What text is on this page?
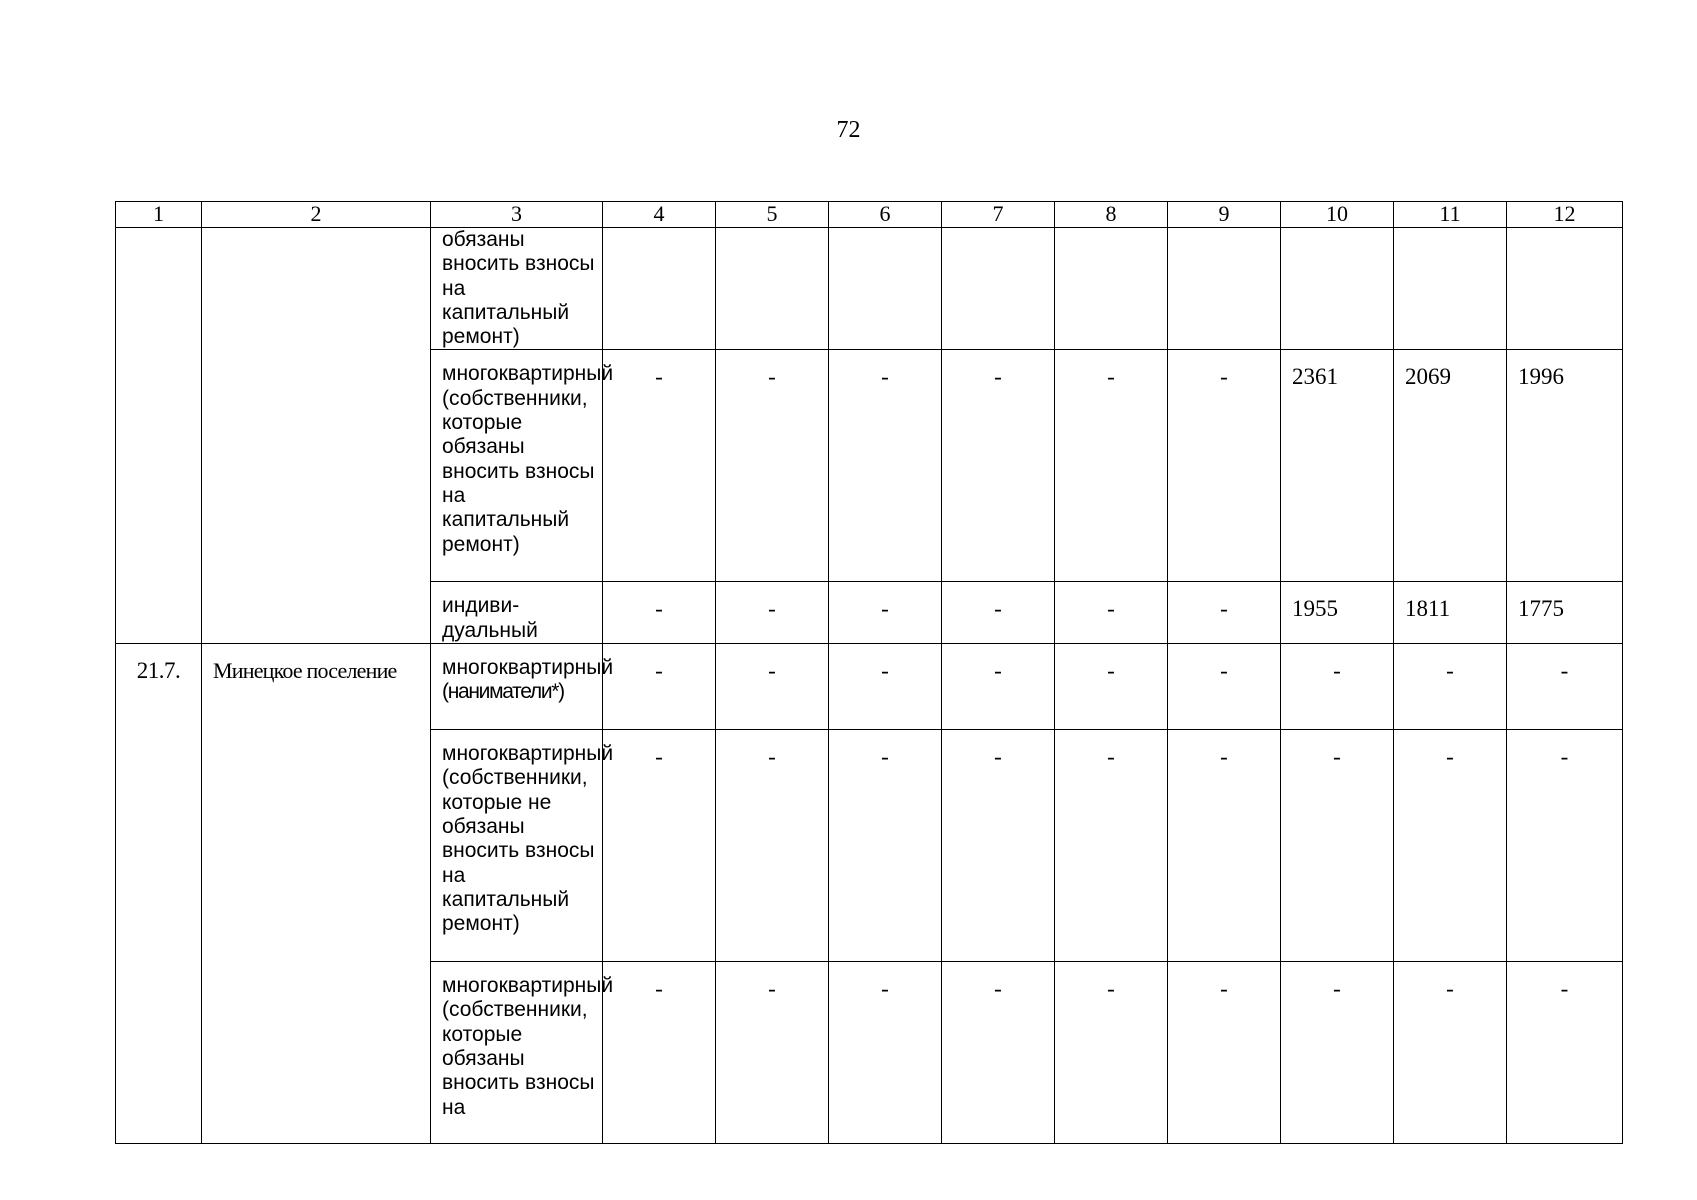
72
1	2	3	4	5	6	7	8	9	10	11	12
		обязаны вносить взносы на капитальный ремонт)									
		многоквартирный (собственники, которые обязаны вносить взносы на капитальный ремонт)	-	-	-	-	-	-	2361	2069	1996
		индиви-дуальный	-	-	-	-	-	-	1955	1811	1775
21.7.	Минецкое поселение	многоквартирный (наниматели*)	-	-	-	-	-	-	-	-	-
		многоквартирный (собственники, которые не обязаны вносить взносы на капитальный ремонт)	-	-	-	-	-	-	-	-	-
		многоквартирный (собственники, которые обязаны вносить взносы на	-	-	-	-	-	-	-	-	-
